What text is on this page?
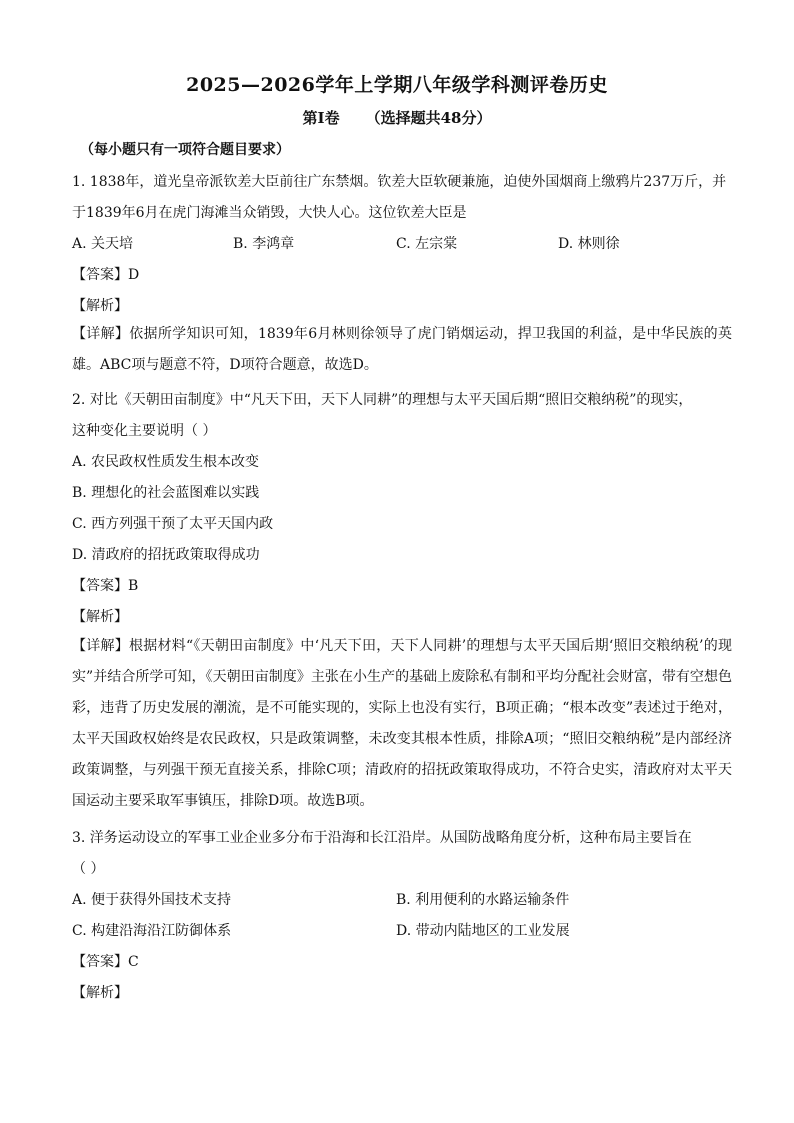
2025—2026学年上学期八年级学科测评卷历史
第Ⅰ卷 （选择题共48分）
（每小题只有一项符合题目要求）
1. 1838年，道光皇帝派钦差大臣前往广东禁烟。钦差大臣软硬兼施，迫使外国烟商上缴鸦片237万斤，并
于1839年6月在虎门海滩当众销毁，大快人心。这位钦差大臣是
A. 关天培	B. 李鸿章	C. 左宗棠	D. 林则徐
【答案】D
【解析】
【详解】依据所学知识可知，1839年6月林则徐领导了虎门销烟运动，捍卫我国的利益，是中华民族的英雄。ABC项与题意不符，D项符合题意，故选D。
2. 对比《天朝田亩制度》中“凡天下田，天下人同耕”的理想与太平天国后期“照旧交粮纳税”的现实，
这种变化主要说明（ ）
A. 农民政权性质发生根本改变
B. 理想化的社会蓝图难以实践
C. 西方列强干预了太平天国内政
D. 清政府的招抚政策取得成功
【答案】B
【解析】
【详解】根据材料“《天朝田亩制度》中‘凡天下田，天下人同耕’的理想与太平天国后期‘照旧交粮纳税’的现实”并结合所学可知，《天朝田亩制度》主张在小生产的基础上废除私有制和平均分配社会财富，带有空想色彩，违背了历史发展的潮流，是不可能实现的，实际上也没有实行，B项正确；“根本改变”表述过于绝对，太平天国政权始终是农民政权，只是政策调整，未改变其根本性质，排除A项；“照旧交粮纳税”是内部经济政策调整，与列强干预无直接关系，排除C项；清政府的招抚政策取得成功，不符合史实，清政府对太平天国运动主要采取军事镇压，排除D项。故选B项。
3. 洋务运动设立的军事工业企业多分布于沿海和长江沿岸。从国防战略角度分析，这种布局主要旨在
（ ）
A. 便于获得外国技术支持	B. 利用便利的水路运输条件
C. 构建沿海沿江防御体系	D. 带动内陆地区的工业发展
【答案】C
【解析】
